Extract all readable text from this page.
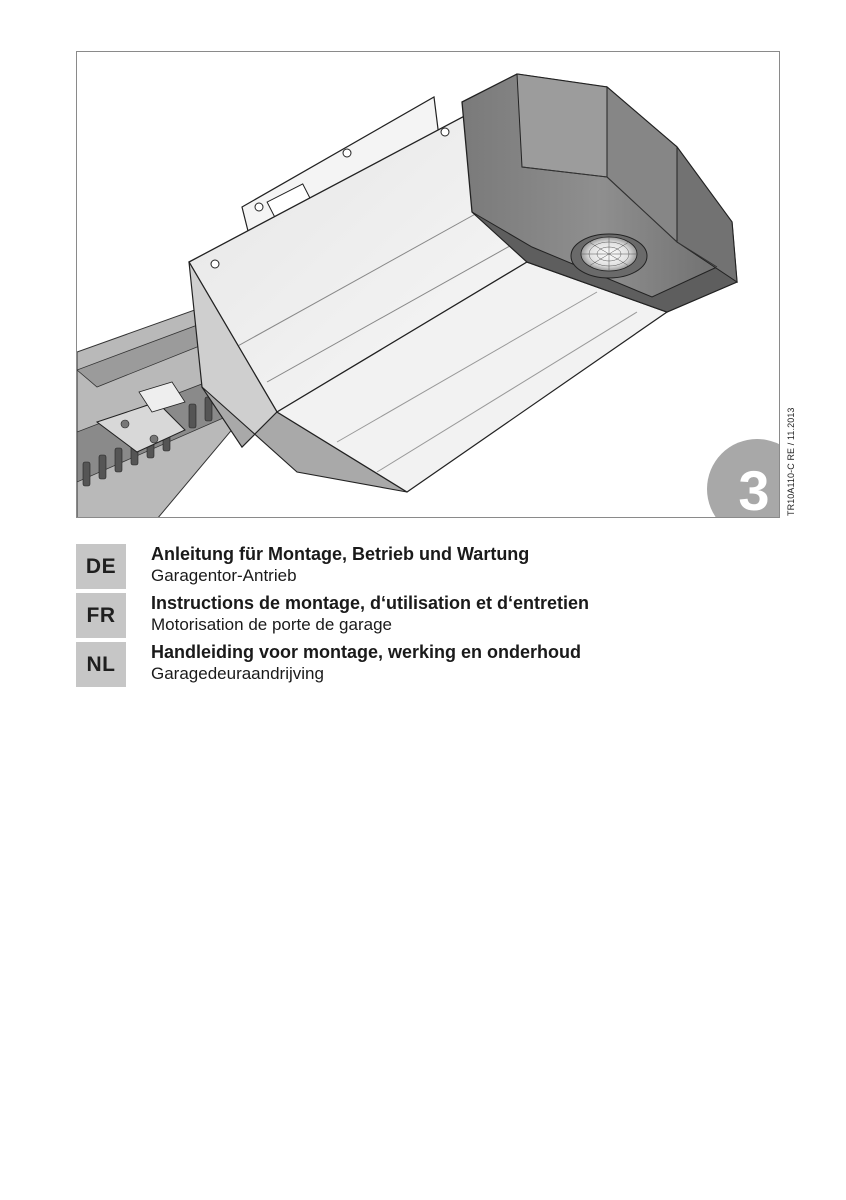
3 TR10A110-C RE / 11.2013
DE
Anleitung für Montage, Betrieb und Wartung
Garagentor-Antrieb
FR
Instructions de montage, d‘utilisation et d‘entretien
Motorisation de porte de garage
NL
Handleiding voor montage, werking en onderhoud
Garagedeuraandrijving
